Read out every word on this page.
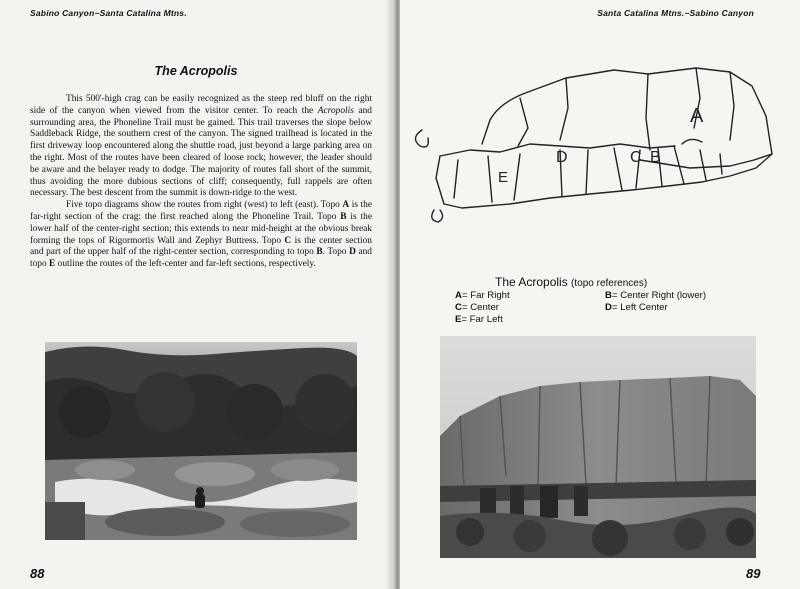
Sabino Canyon~Santa Catalina Mtns.
The Acropolis

This 500'-high crag can be easily recognized as the steep red bluff on the right side of the canyon when viewed from the visitor center. To reach the Acropolis and surrounding area, the Phoneline Trail must be gained. This trail traverses the slope below Saddleback Ridge, the southern crest of the canyon. The signed trailhead is located in the first driveway loop encountered along the shuttle road, just beyond a large parking area on the right. Most of the routes have been cleared of loose rock; however, the leader should be aware and the belayer ready to dodge. The majority of routes fall short of the summit, thus avoiding the more dubious sections of cliff; consequently, full rappels are often necessary. The best descent from the summit is down-ridge to the west.

Five topo diagrams show the routes from right (west) to left (east). Topo A is the far-right section of the crag: the first reached along the Phoneline Trail. Topo B is the lower half of the center-right section; this extends to near mid-height at the obvious break forming the tops of Rigormortis Wall and Zephyr Buttress. Topo C is the center section and part of the upper half of the right-center section, corresponding to topo B. Topo D and topo E outline the routes of the left-center and far-left sections, respectively.

88
Santa Catalina Mtns.~Sabino Canyon
A
B
C
D
E
The Acropolis (topo references)
A= Far Right	B= Center Right (lower)
C= Center	D= Left Center
E= Far Left
89
